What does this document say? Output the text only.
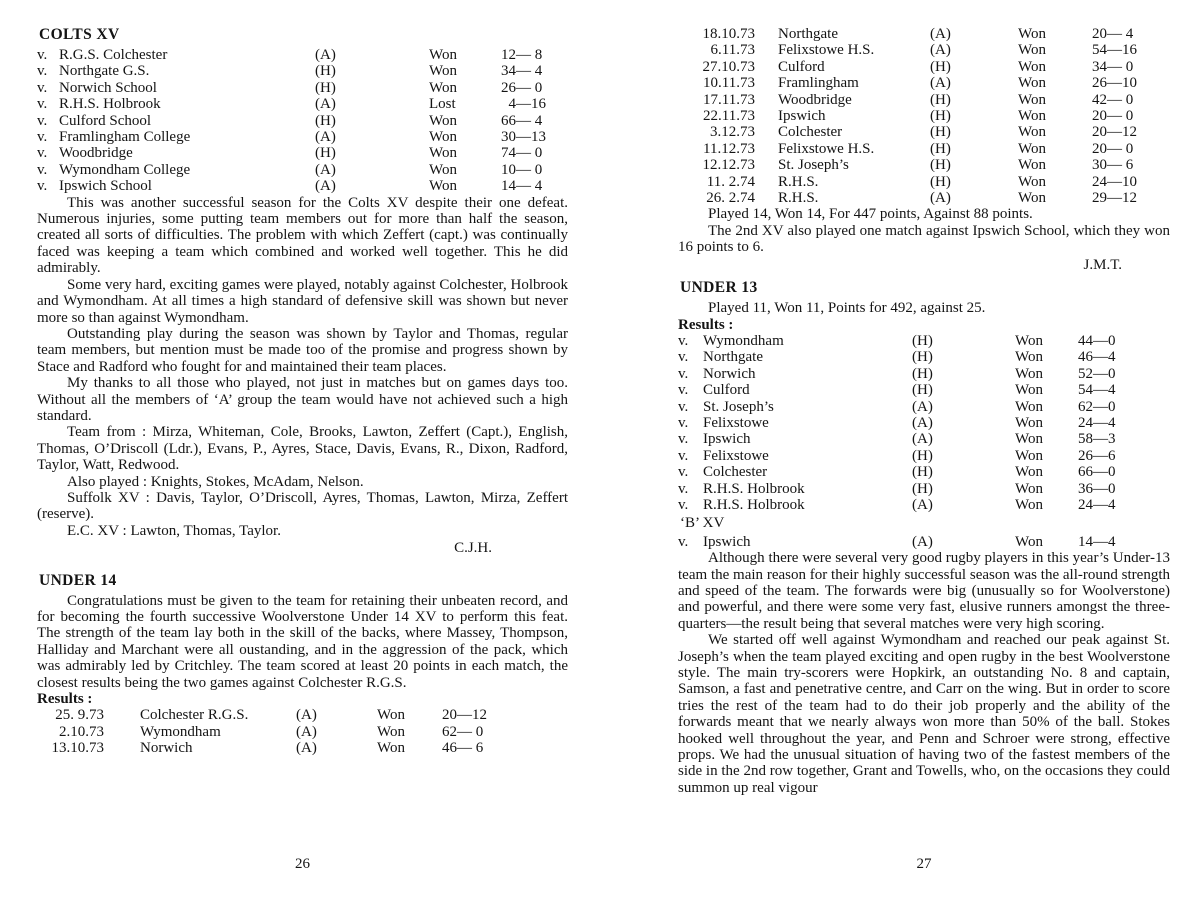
COLTS XV
v. R.G.S. Colchester	(A)	Won	12— 8
v. Northgate G.S.	(H)	Won	34— 4
v. Norwich School	(H)	Won	26— 0
v. R.H.S. Holbrook	(A)	Lost	4—16
v. Culford School	(H)	Won	66— 4
v. Framlingham College	(A)	Won	30—13
v. Woodbridge	(H)	Won	74— 0
v. Wymondham College	(A)	Won	10— 0
v. Ipswich School	(A)	Won	14— 4

This was another successful season for the Colts XV despite their one defeat. Numerous injuries, some putting team members out for more than half the season, created all sorts of difficulties. The problem with which Zeffert (capt.) was continually faced was keeping a team which combined and worked well together. This he did admirably.

Some very hard, exciting games were played, notably against Colchester, Holbrook and Wymondham. At all times a high standard of defensive skill was shown but never more so than against Wymondham.

Outstanding play during the season was shown by Taylor and Thomas, regular team members, but mention must be made too of the promise and progress shown by Stace and Radford who fought for and maintained their team places.

My thanks to all those who played, not just in matches but on games days too. Without all the members of ‘A’ group the team would have not achieved such a high standard.

Team from : Mirza, Whiteman, Cole, Brooks, Lawton, Zeffert (Capt.), English, Thomas, O’Driscoll (Ldr.), Evans, P., Ayres, Stace, Davis, Evans, R., Dixon, Radford, Taylor, Watt, Redwood.

Also played : Knights, Stokes, McAdam, Nelson.

Suffolk XV : Davis, Taylor, O’Driscoll, Ayres, Thomas, Lawton, Mirza, Zeffert (reserve).

E.C. XV : Lawton, Thomas, Taylor.

C.J.H.
UNDER 14

Congratulations must be given to the team for retaining their unbeaten record, and for becoming the fourth successive Woolverstone Under 14 XV to perform this feat. The strength of the team lay both in the skill of the backs, where Massey, Thompson, Halliday and Marchant were all oustanding, and in the aggression of the pack, which was admirably led by Critchley. The team scored at least 20 points in each match, the closest results being the two games against Colchester R.G.S.

Results :
25. 9.73	Colchester R.G.S.	(A)	Won	20—12
2.10.73	Wymondham	(A)	Won	62— 0
13.10.73	Norwich	(A)	Won	46— 6
26
18.10.73	Northgate	(A)	Won	20— 4
6.11.73	Felixstowe H.S.	(A)	Won	54—16
27.10.73	Culford	(H)	Won	34— 0
10.11.73	Framlingham	(A)	Won	26—10
17.11.73	Woodbridge	(H)	Won	42— 0
22.11.73	Ipswich	(H)	Won	20— 0
3.12.73	Colchester	(H)	Won	20—12
11.12.73	Felixstowe H.S.	(H)	Won	20— 0
12.12.73	St. Joseph’s	(H)	Won	30— 6
11. 2.74	R.H.S.	(H)	Won	24—10
26. 2.74	R.H.S.	(A)	Won	29—12

Played 14, Won 14, For 447 points, Against 88 points.

The 2nd XV also played one match against Ipswich School, which they won 16 points to 6.

J.M.T.
UNDER 13

Played 11, Won 11, Points for 492, against 25.

Results :
v. Wymondham	(H)	Won	44—0
v. Northgate	(H)	Won	46—4
v. Norwich	(H)	Won	52—0
v. Culford	(H)	Won	54—4
v. St. Joseph’s	(A)	Won	62—0
v. Felixstowe	(A)	Won	24—4
v. Ipswich	(A)	Won	58—3
v. Felixstowe	(H)	Won	26—6
v. Colchester	(H)	Won	66—0
v. R.H.S. Holbrook	(H)	Won	36—0
v. R.H.S. Holbrook	(A)	Won	24—4
‘B’ XV
v. Ipswich	(A)	Won	14—4

Although there were several very good rugby players in this year’s Under-13 team the main reason for their highly successful season was the all-round strength and speed of the team. The forwards were big (unusually so for Woolverstone) and powerful, and there were some very fast, elusive runners amongst the three-quarters—the result being that several matches were very high scoring.

We started off well against Wymondham and reached our peak against St. Joseph’s when the team played exciting and open rugby in the best Woolverstone style. The main try-scorers were Hopkirk, an outstanding No. 8 and captain, Samson, a fast and penetrative centre, and Carr on the wing. But in order to score tries the rest of the team had to do their job properly and the ability of the forwards meant that we nearly always won more than 50% of the ball. Stokes hooked well throughout the year, and Penn and Schroer were strong, effective props. We had the unusual situation of having two of the fastest members of the side in the 2nd row together, Grant and Towells, who, on the occasions they could summon up real vigour

27
